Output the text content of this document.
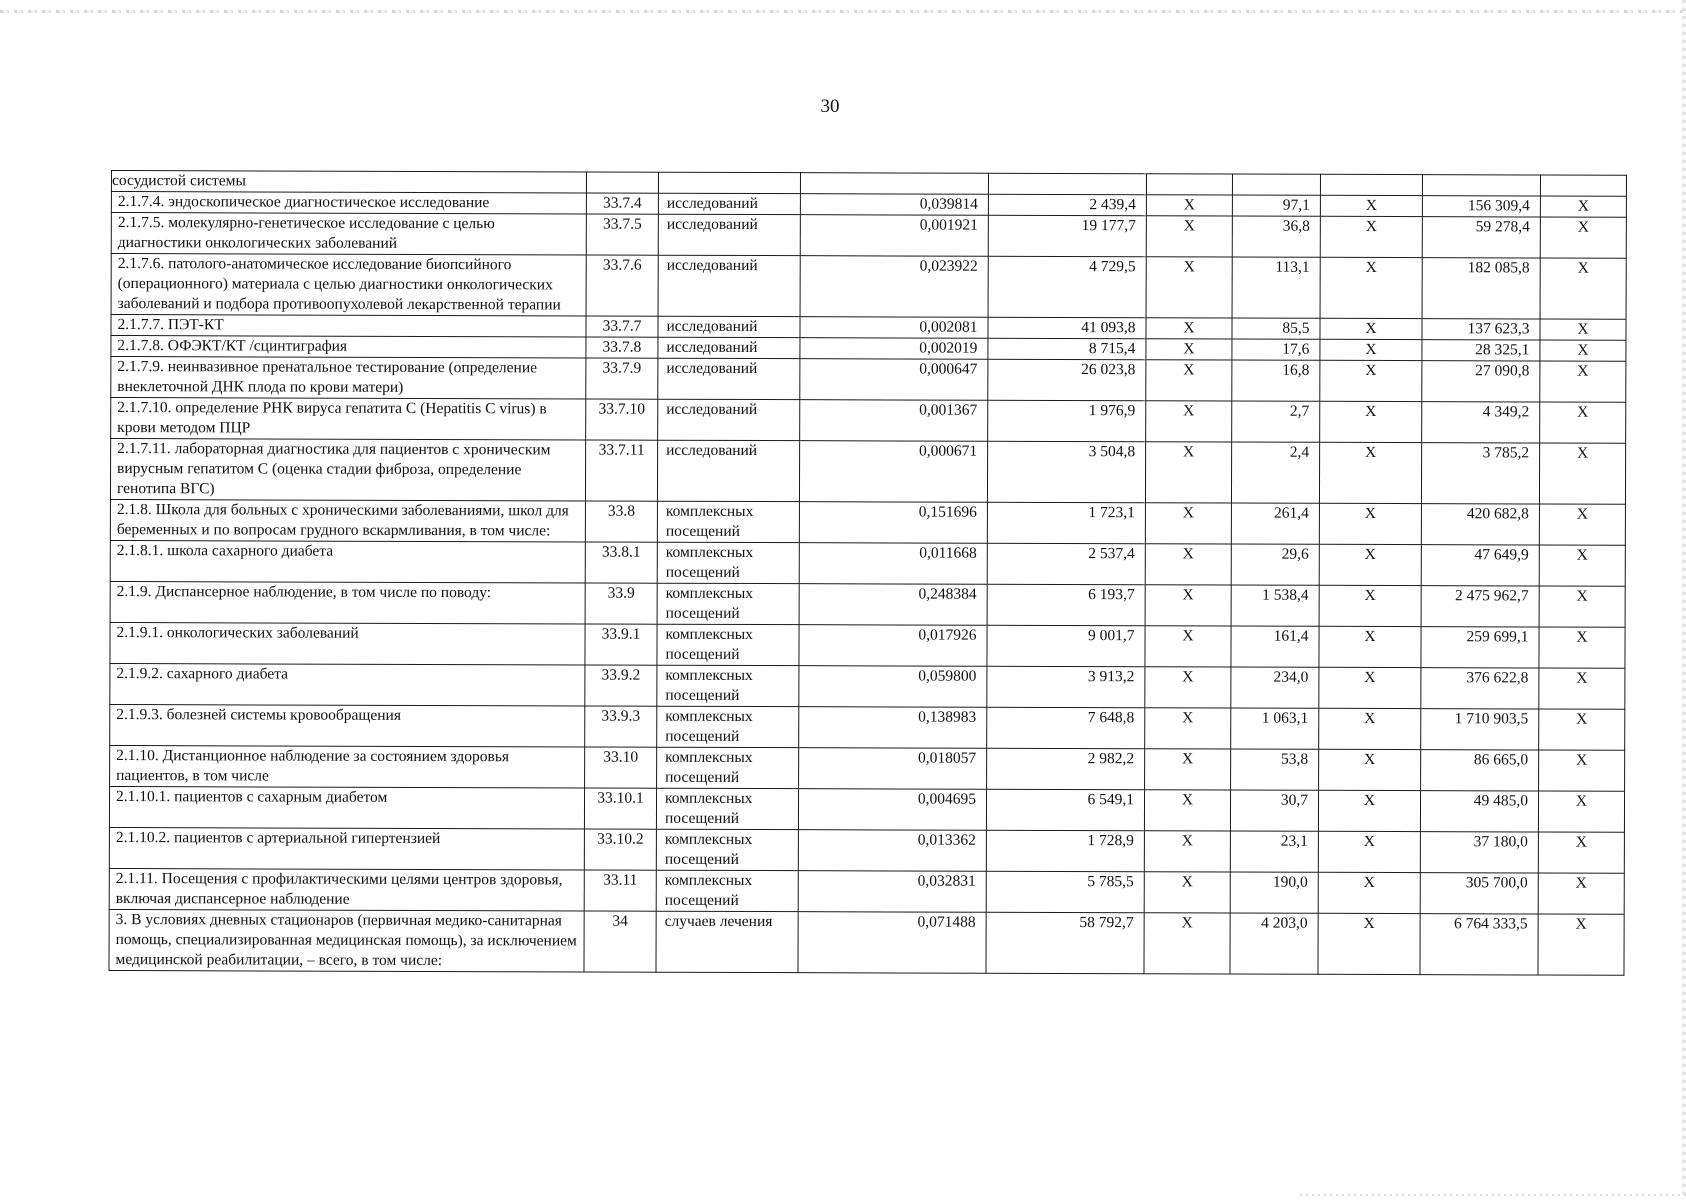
30
сосудистой системы									
2.1.7.4. эндоскопическое диагностическое исследование	33.7.4	исследований	0,039814	2 439,4	Х	97,1	Х	156 309,4	Х
2.1.7.5. молекулярно-генетическое исследование с целью диагностики онкологических заболеваний	33.7.5	исследований	0,001921	19 177,7	Х	36,8	Х	59 278,4	Х
2.1.7.6. патолого-анатомическое исследование биопсийного (операционного) материала с целью диагностики онкологических заболеваний и подбора противоопухолевой лекарственной терапии	33.7.6	исследований	0,023922	4 729,5	Х	113,1	Х	182 085,8	Х
2.1.7.7. ПЭТ-КТ	33.7.7	исследований	0,002081	41 093,8	Х	85,5	Х	137 623,3	Х
2.1.7.8. ОФЭКТ/КТ /сцинтиграфия	33.7.8	исследований	0,002019	8 715,4	Х	17,6	Х	28 325,1	Х
2.1.7.9. неинвазивное пренатальное тестирование (определение внеклеточной ДНК плода по крови матери)	33.7.9	исследований	0,000647	26 023,8	Х	16,8	Х	27 090,8	Х
2.1.7.10. определение РНК вируса гепатита С (Hepatitis C virus) в крови методом ПЦР	33.7.10	исследований	0,001367	1 976,9	Х	2,7	Х	4 349,2	Х
2.1.7.11. лабораторная диагностика для пациентов с хроническим вирусным гепатитом С (оценка стадии фиброза, определение генотипа ВГС)	33.7.11	исследований	0,000671	3 504,8	Х	2,4	Х	3 785,2	Х
2.1.8. Школа для больных с хроническими заболеваниями, школ для беременных и по вопросам грудного вскармливания, в том числе:	33.8	комплексных посещений	0,151696	1 723,1	Х	261,4	Х	420 682,8	Х
2.1.8.1. школа сахарного диабета	33.8.1	комплексных посещений	0,011668	2 537,4	Х	29,6	Х	47 649,9	Х
2.1.9. Диспансерное наблюдение, в том числе по поводу:	33.9	комплексных посещений	0,248384	6 193,7	Х	1 538,4	Х	2 475 962,7	Х
2.1.9.1. онкологических заболеваний	33.9.1	комплексных посещений	0,017926	9 001,7	Х	161,4	Х	259 699,1	Х
2.1.9.2. сахарного диабета	33.9.2	комплексных посещений	0,059800	3 913,2	Х	234,0	Х	376 622,8	Х
2.1.9.3. болезней системы кровообращения	33.9.3	комплексных посещений	0,138983	7 648,8	Х	1 063,1	Х	1 710 903,5	Х
2.1.10. Дистанционное наблюдение за состоянием здоровья пациентов, в том числе	33.10	комплексных посещений	0,018057	2 982,2	Х	53,8	Х	86 665,0	Х
2.1.10.1. пациентов с сахарным диабетом	33.10.1	комплексных посещений	0,004695	6 549,1	Х	30,7	Х	49 485,0	Х
2.1.10.2. пациентов с артериальной гипертензией	33.10.2	комплексных посещений	0,013362	1 728,9	Х	23,1	Х	37 180,0	Х
2.1.11. Посещения с профилактическими целями центров здоровья, включая диспансерное наблюдение	33.11	комплексных посещений	0,032831	5 785,5	Х	190,0	Х	305 700,0	Х
3. В условиях дневных стационаров (первичная медико-санитарная помощь, специализированная медицинская помощь), за исключением медицинской реабилитации, – всего, в том числе:	34	случаев лечения	0,071488	58 792,7	Х	4 203,0	Х	6 764 333,5	Х
